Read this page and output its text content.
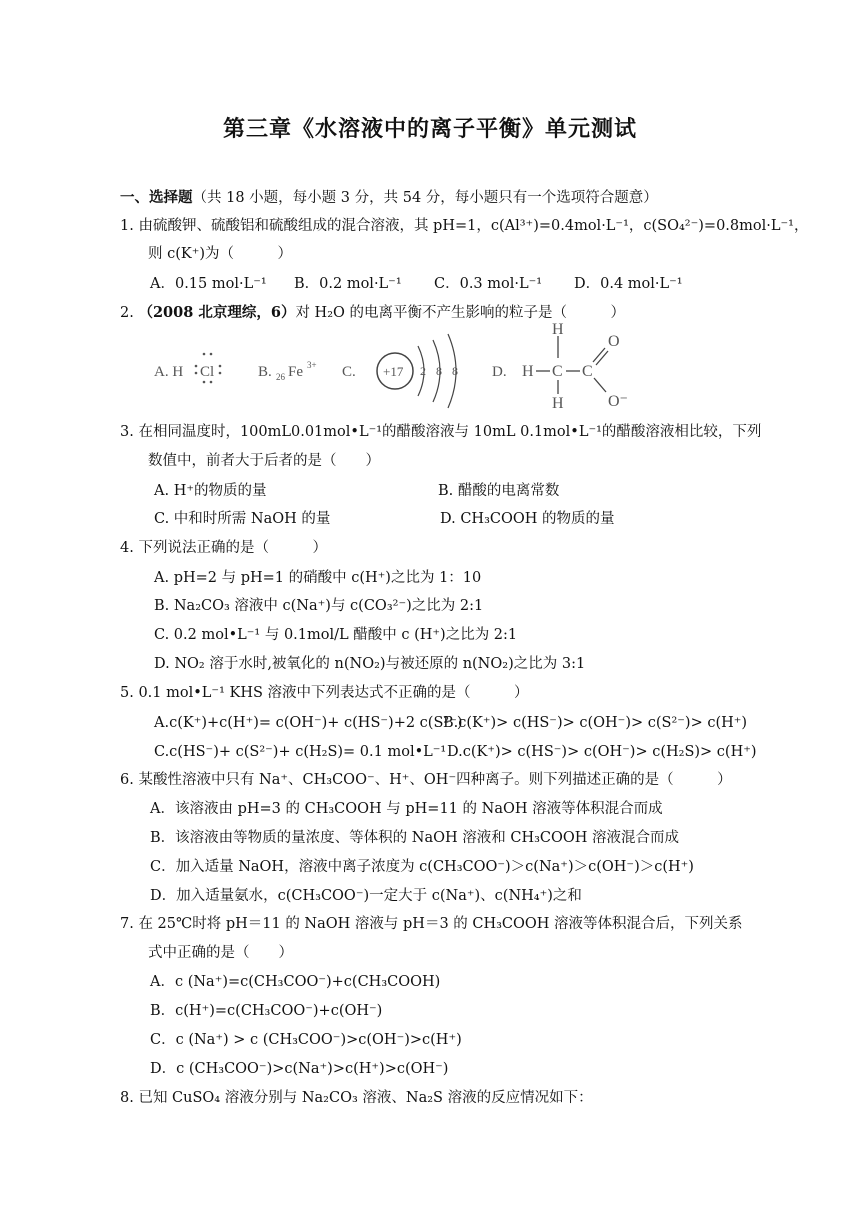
第三章《水溶液中的离子平衡》单元测试
一、选择题（共 18 小题，每小题 3 分，共 54 分，每小题只有一个选项符合题意）
1. 由硫酸钾、硫酸铝和硫酸组成的混合溶液，其 pH=1，c(Al³⁺)=0.4mol·L⁻¹，c(SO₄²⁻)=0.8mol·L⁻¹，
则 c(K⁺)为（　　　）
A．0.15 mol·L⁻¹ B．0.2 mol·L⁻¹ C．0.3 mol·L⁻¹ D．0.4 mol·L⁻¹
2. （2008 北京理综，6）对 H₂O 的电离平衡不产生影响的粒子是（　　　）
A. H Cl	B. 26 Fe 3+ C. +17 2 8 8 D. H C
H
H
C
O
O⁻
3. 在相同温度时，100mL0.01mol•L⁻¹的醋酸溶液与 10mL 0.1mol•L⁻¹的醋酸溶液相比较，下列
数值中，前者大于后者的是（　　）
A. H⁺的物质的量	B. 醋酸的电离常数
C. 中和时所需 NaOH 的量	D. CH₃COOH 的物质的量
4. 下列说法正确的是（　　　）
A. pH=2 与 pH=1 的硝酸中 c(H⁺)之比为 1：10
B. Na₂CO₃ 溶液中 c(Na⁺)与 c(CO₃²⁻)之比为 2:1
C. 0.2 mol•L⁻¹ 与 0.1mol/L 醋酸中 c (H⁺)之比为 2:1
D. NO₂ 溶于水时,被氧化的 n(NO₂)与被还原的 n(NO₂)之比为 3:1
5. 0.1 mol•L⁻¹ KHS 溶液中下列表达式不正确的是（　　　）
A.c(K⁺)+c(H⁺)= c(OH⁻)+ c(HS⁻)+2 c(S²⁻)
B.c(K⁺)> c(HS⁻)> c(OH⁻)> c(S²⁻)> c(H⁺)
C.c(HS⁻)+ c(S²⁻)+ c(H₂S)= 0.1 mol•L⁻¹ D.c(K⁺)> c(HS⁻)> c(OH⁻)> c(H₂S)> c(H⁺)
6. 某酸性溶液中只有 Na⁺、CH₃COO⁻、H⁺、OH⁻四种离子。则下列描述正确的是（　　　）
A．该溶液由 pH=3 的 CH₃COOH 与 pH=11 的 NaOH 溶液等体积混合而成
B．该溶液由等物质的量浓度、等体积的 NaOH 溶液和 CH₃COOH 溶液混合而成
C．加入适量 NaOH，溶液中离子浓度为 c(CH₃COO⁻)＞c(Na⁺)＞c(OH⁻)＞c(H⁺)
D．加入适量氨水，c(CH₃COO⁻)一定大于 c(Na⁺)、c(NH₄⁺)之和
7. 在 25℃时将 pH＝11 的 NaOH 溶液与 pH＝3 的 CH₃COOH 溶液等体积混合后，下列关系
式中正确的是（　　）
A．c (Na⁺)=c(CH₃COO⁻)+c(CH₃COOH)
B．c(H⁺)=c(CH₃COO⁻)+c(OH⁻)
C．c (Na⁺) > c (CH₃COO⁻)>c(OH⁻)>c(H⁺)
D．c (CH₃COO⁻)>c(Na⁺)>c(H⁺)>c(OH⁻)
8. 已知 CuSO₄ 溶液分别与 Na₂CO₃ 溶液、Na₂S 溶液的反应情况如下：
